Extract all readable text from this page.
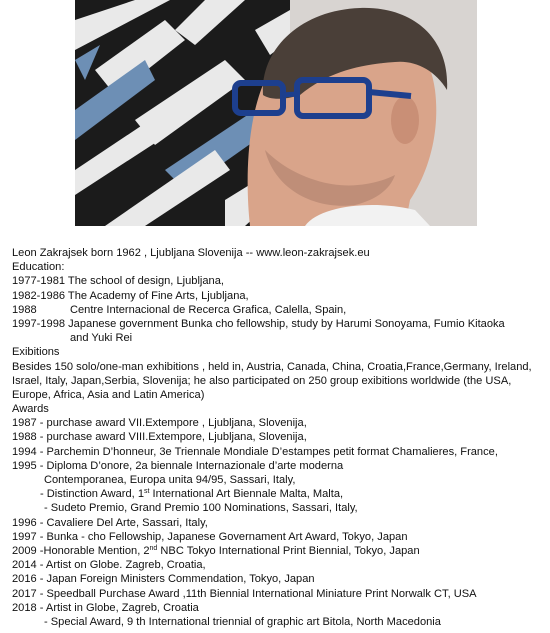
Leon Zakrajsek born 1962 , Ljubljana Slovenija -- www.leon-zakrajsek.eu
Education:
1977-1981 The school of design, Ljubljana,
1982-1986 The Academy of Fine Arts, Ljubljana,
1988	Centre Internacional de Recerca Grafica, Calella, Spain,
1997-1998 Japanese government Bunka cho fellowship, study by Harumi Sonoyama, Fumio Kitaoka
and Yuki Rei
Exibitions
Besides 150 solo/one-man exhibitions , held in, Austria, Canada, China, Croatia,France,Germany, Ireland, Israel, Italy, Japan,Serbia, Slovenija; he also participated on 250 group exibitions worldwide (the USA, Europe, Africa, Asia and Latin America)
Awards
1987 - purchase award VII.Extempore , Ljubljana, Slovenija,
1988 - purchase award VIII.Extempore, Ljubljana, Slovenija,
1994 - Parchemin D’honneur, 3e Triennale Mondiale D’estampes petit format Chamalieres, France,
1995 - Diploma D’onore, 2a biennale Internazionale d’arte moderna
Contemporanea, Europa unita 94/95, Sassari, Italy,
- Distinction Award, 1st International Art Biennale Malta, Malta,
- Sudeto Premio, Grand Premio 100 Nominations, Sassari, Italy,
1996 - Cavaliere Del Arte, Sassari, Italy,
1997 - Bunka - cho Fellowship, Japanese Governament Art Award, Tokyo, Japan
2009 -Honorable Mention, 2nd NBC Tokyo International Print Biennial, Tokyo, Japan
2014 - Artist on Globe. Zagreb, Croatia,
2016 - Japan Foreign Ministers Commendation, Tokyo, Japan
2017 - Speedball Purchase Award ,11th Biennial International Miniature Print Norwalk CT, USA
2018 - Artist in Globe, Zagreb, Croatia
- Special Award, 9 th International triennial of graphic art Bitola, North Macedonia
